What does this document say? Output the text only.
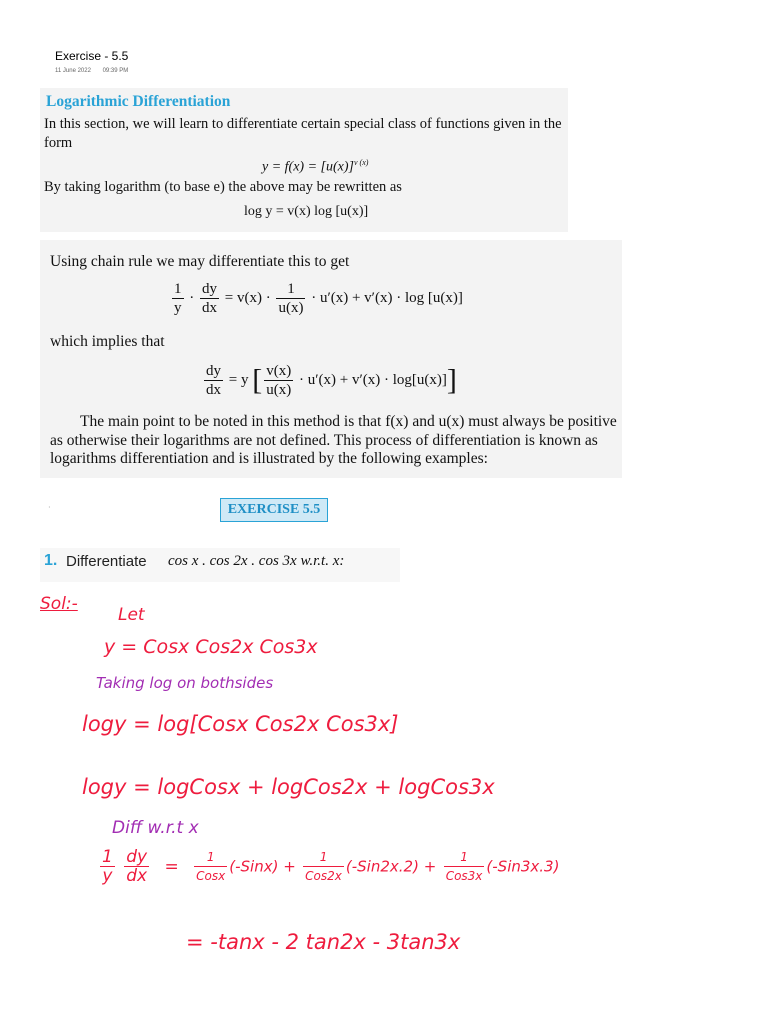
Exercise - 5.5
11 June 2022 09:39 PM
Logarithmic Differentiation
In this section, we will learn to differentiate certain special class of functions given in the form
$y = f(x) = [u(x)]^{v (x)}$
By taking logarithm (to base e) the above may be rewritten as
log y = v(x) log [u(x)]
Using chain rule we may differentiate this to get
$\frac{1}{y} \cdot \frac{dy}{dx} = v(x) \cdot \frac{1}{u(x)} \cdot u'(x) + v'(x) \cdot \log [u(x)]$
which implies that
$\frac{dy}{dx} = y$ [ $\frac{v(x)}{u(x)} \cdot u'(x) + v'(x) \cdot \log[u(x)]$]
The main point to be noted in this method is that f(x) and u(x) must always be positive as otherwise their logarithms are not defined. This process of differentiation is known as logarithms differentiation and is illustrated by the following examples:
·	EXERCISE 5.5
1. Differentiate cos x . cos 2x . cos 3x w.r.t. x:
Sol:-
Let
y = Cosx Cos2x Cos3x
Taking log on bothsides
logy = log[Cosx Cos2x Cos3x]
logy = logCosx + logCos2x + logCos3x
Diff w.r.t x
$\frac{1}{y}$
$\frac{dy}{dx} = \frac{1}{\text{Cosx}}$ (-Sinx) + $\frac{1}{\text{Cos2x}} (-Sin2x.2) + \frac{1}{\text{Cos3x}} (-Sin3x.3)$
= -tanx - 2 tan2x - 3tan3x
